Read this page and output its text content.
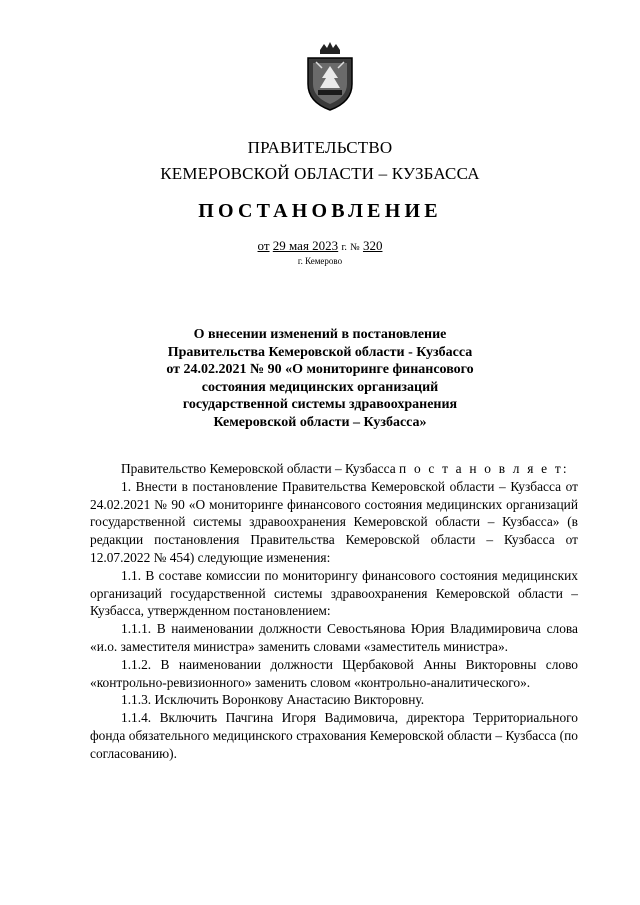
ПРАВИТЕЛЬСТВО
КЕМЕРОВСКОЙ ОБЛАСТИ – КУЗБАССА
ПОСТАНОВЛЕНИЕ
от 29 мая 2023 г. № 320
г. Кемерово
О внесении изменений в постановление
Правительства Кемеровской области - Кузбасса
от 24.02.2021 № 90 «О мониторинге финансового
состояния медицинских организаций
государственной системы здравоохранения
Кемеровской области – Кузбасса»

Правительство Кемеровской области – Кузбасса п о с т а н о в л я е т:

1. Внести в постановление Правительства Кемеровской области – Кузбасса от 24.02.2021 № 90 «О мониторинге финансового состояния медицинских организаций государственной системы здравоохранения Кемеровской области – Кузбасса» (в редакции постановления Правительства Кемеровской области – Кузбасса от 12.07.2022 № 454) следующие изменения:

1.1. В составе комиссии по мониторингу финансового состояния медицинских организаций государственной системы здравоохранения Кемеровской области – Кузбасса, утвержденном постановлением:

1.1.1. В наименовании должности Севостьянова Юрия Владимировича слова «и.о. заместителя министра» заменить словами «заместитель министра».

1.1.2. В наименовании должности Щербаковой Анны Викторовны слово «контрольно-ревизионного» заменить словом «контрольно-аналитического».

1.1.3. Исключить Воронкову Анастасию Викторовну.

1.1.4. Включить Пачгина Игоря Вадимовича, директора Территориального фонда обязательного медицинского страхования Кемеровской области – Кузбасса (по согласованию).
